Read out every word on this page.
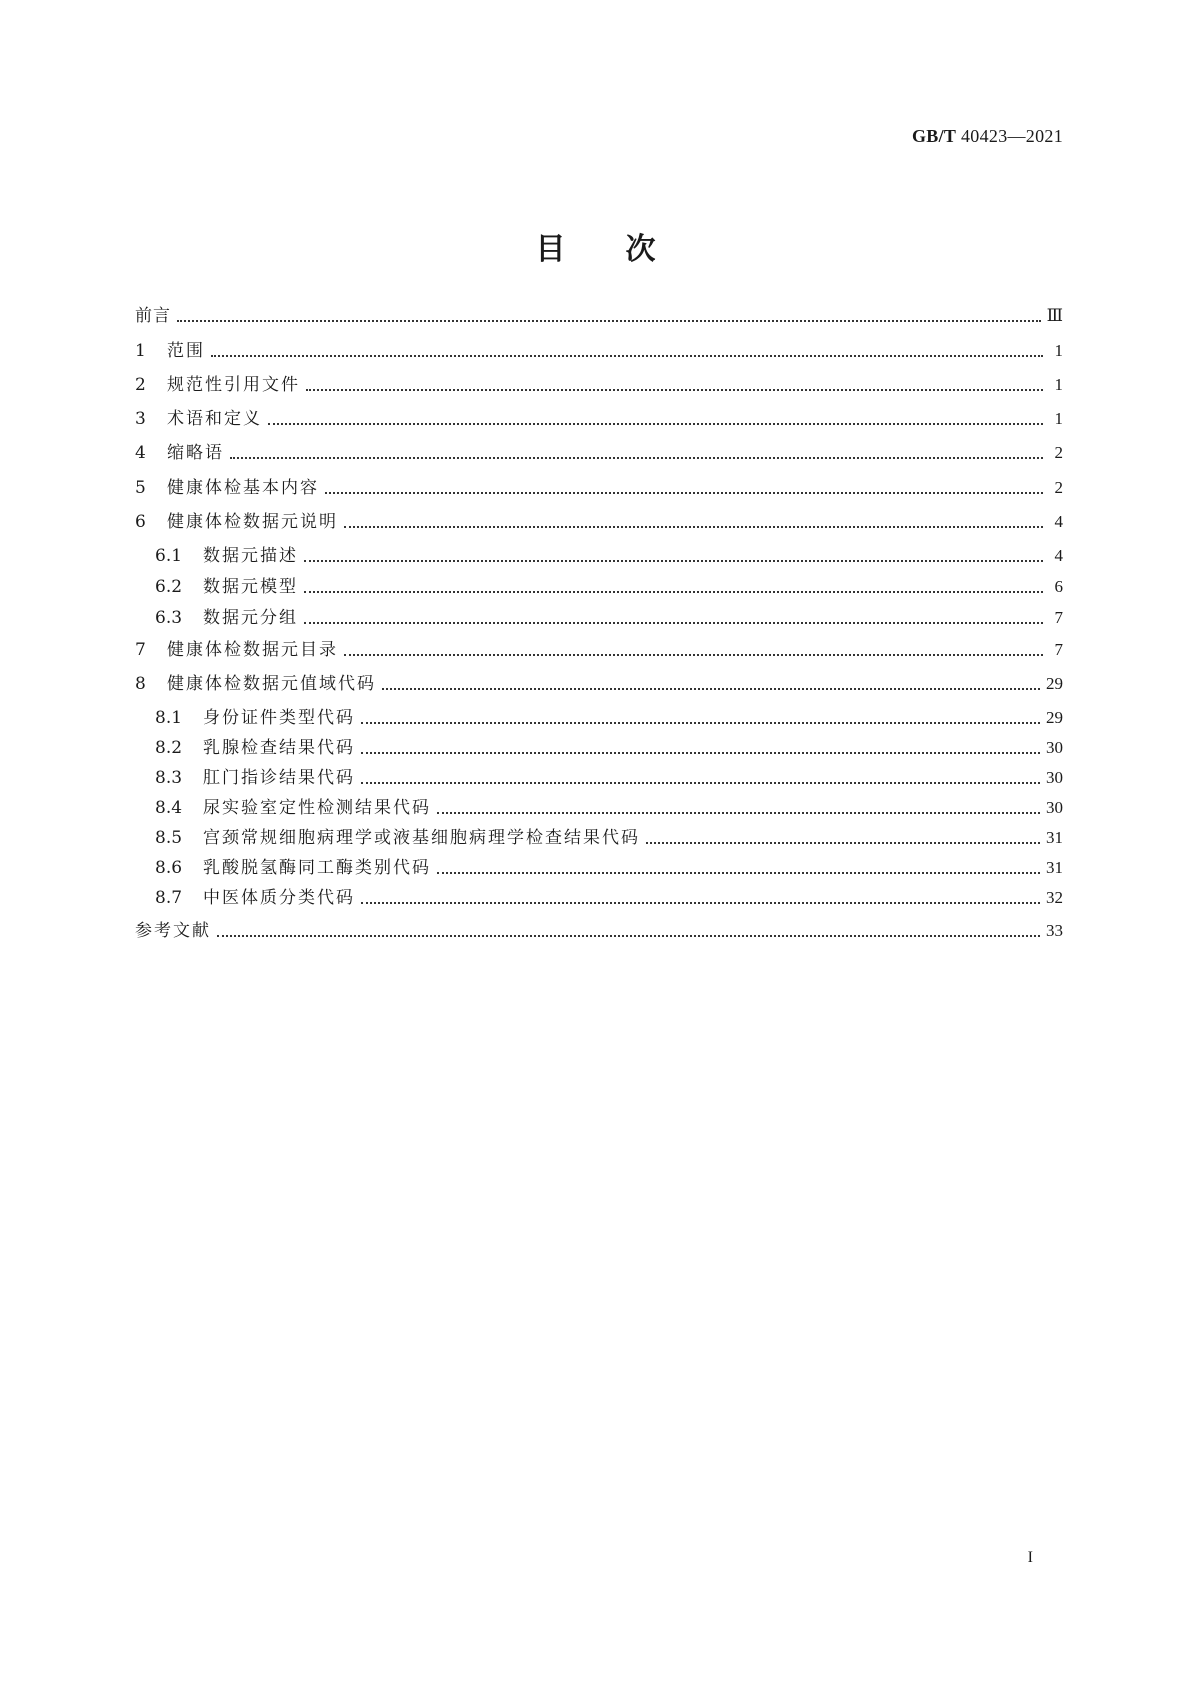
GB/T 40423—2021
目次
前言	Ⅲ
1	范围	1
2	规范性引用文件	1
3	术语和定义	1
4	缩略语	2
5	健康体检基本内容	2
6	健康体检数据元说明	4
6.1	数据元描述	4
6.2	数据元模型	6
6.3	数据元分组	7
7	健康体检数据元目录	7
8	健康体检数据元值域代码	29
8.1	身份证件类型代码	29
8.2	乳腺检查结果代码	30
8.3	肛门指诊结果代码	30
8.4	尿实验室定性检测结果代码	30
8.5	宫颈常规细胞病理学或液基细胞病理学检查结果代码	31
8.6	乳酸脱氢酶同工酶类别代码	31
8.7	中医体质分类代码	32
参考文献	33
I
